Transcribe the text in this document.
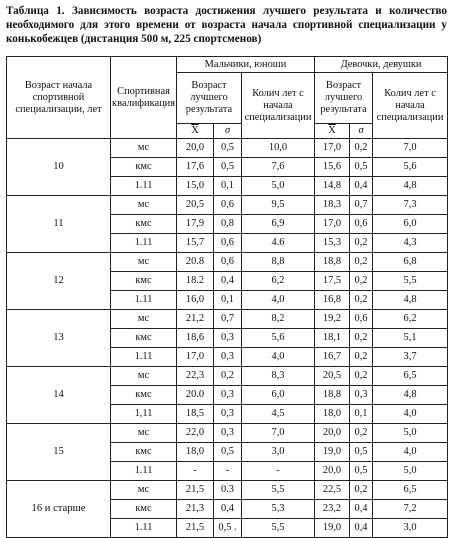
Таблица 1. Зависимость возраста достижения лучшего результата и количество необходимого для этого времени от возраста начала спортивной специализации у конькобежцев (дистанция 500 м, 225 спортсменов)
Возраст начала спортивной специализации, лет	Спортивная квалификация	Мальчики, юноши			Девочки, девушки		
		Возраст лучшего результата		Колич лет с начала специализации	Возраст лучшего результата		Колич лет с начала специализации
		$\overline{X}$	σ		$\overline{X}$	σ	
10	мс	20,0	0,5	10,0	17,0	0,2	7,0
	кмс	17,6	0,5	7,6	15,6	0,5	5,6
	1.11	15,0	0,1	5,0	14,8	0,4	4,8
11	мс	20,5	0,6	9,5	18,3	0,7	7,3
	кмс	17,9	0,8	6,9	17,0	0,6	6,0
	1.11	15,7	0,6	4.6	15,3	0,2	4,3
12	мс	20.8	0,6	8,8	18,8	0,2	6,8
	кмс	18.2	0,4	6,2	17,5	0,2	5,5
	1.11	16,0	0,1	4,0	16,8	0,2	4,8
13	мс	21,2	0,7	8,2	19,2	0,6	6,2
	кмс	18,6	0,3	5,6	18,1	0,2	5,1
	1.11	17,0	0,3	4,0	16,7	0,2	3,7
14	мс	22,3	0,2	8,3	20,5	0,2	6,5
	кмс	20.0	0,3	6,0	18,8	0,3	4,8
	1,11	18,5	0,3	4,5	18,0	0,1	4,0
15	мс	22,0	0,3	7,0	20,0	0,2	5,0
	кмс	18,0	0,5	3,0	19,0	0,5	4,0
	1.11	-	-	-	20,0	0,5	5,0
16 и старше	мс	21,5	0.3	5,5	22,5	0,2	6,5
	кмс	21,3	0,4	5,3	23,2	0,4	7,2
	1.11	21,5	0,5 .	5,5	19,0	0,4	3,0
